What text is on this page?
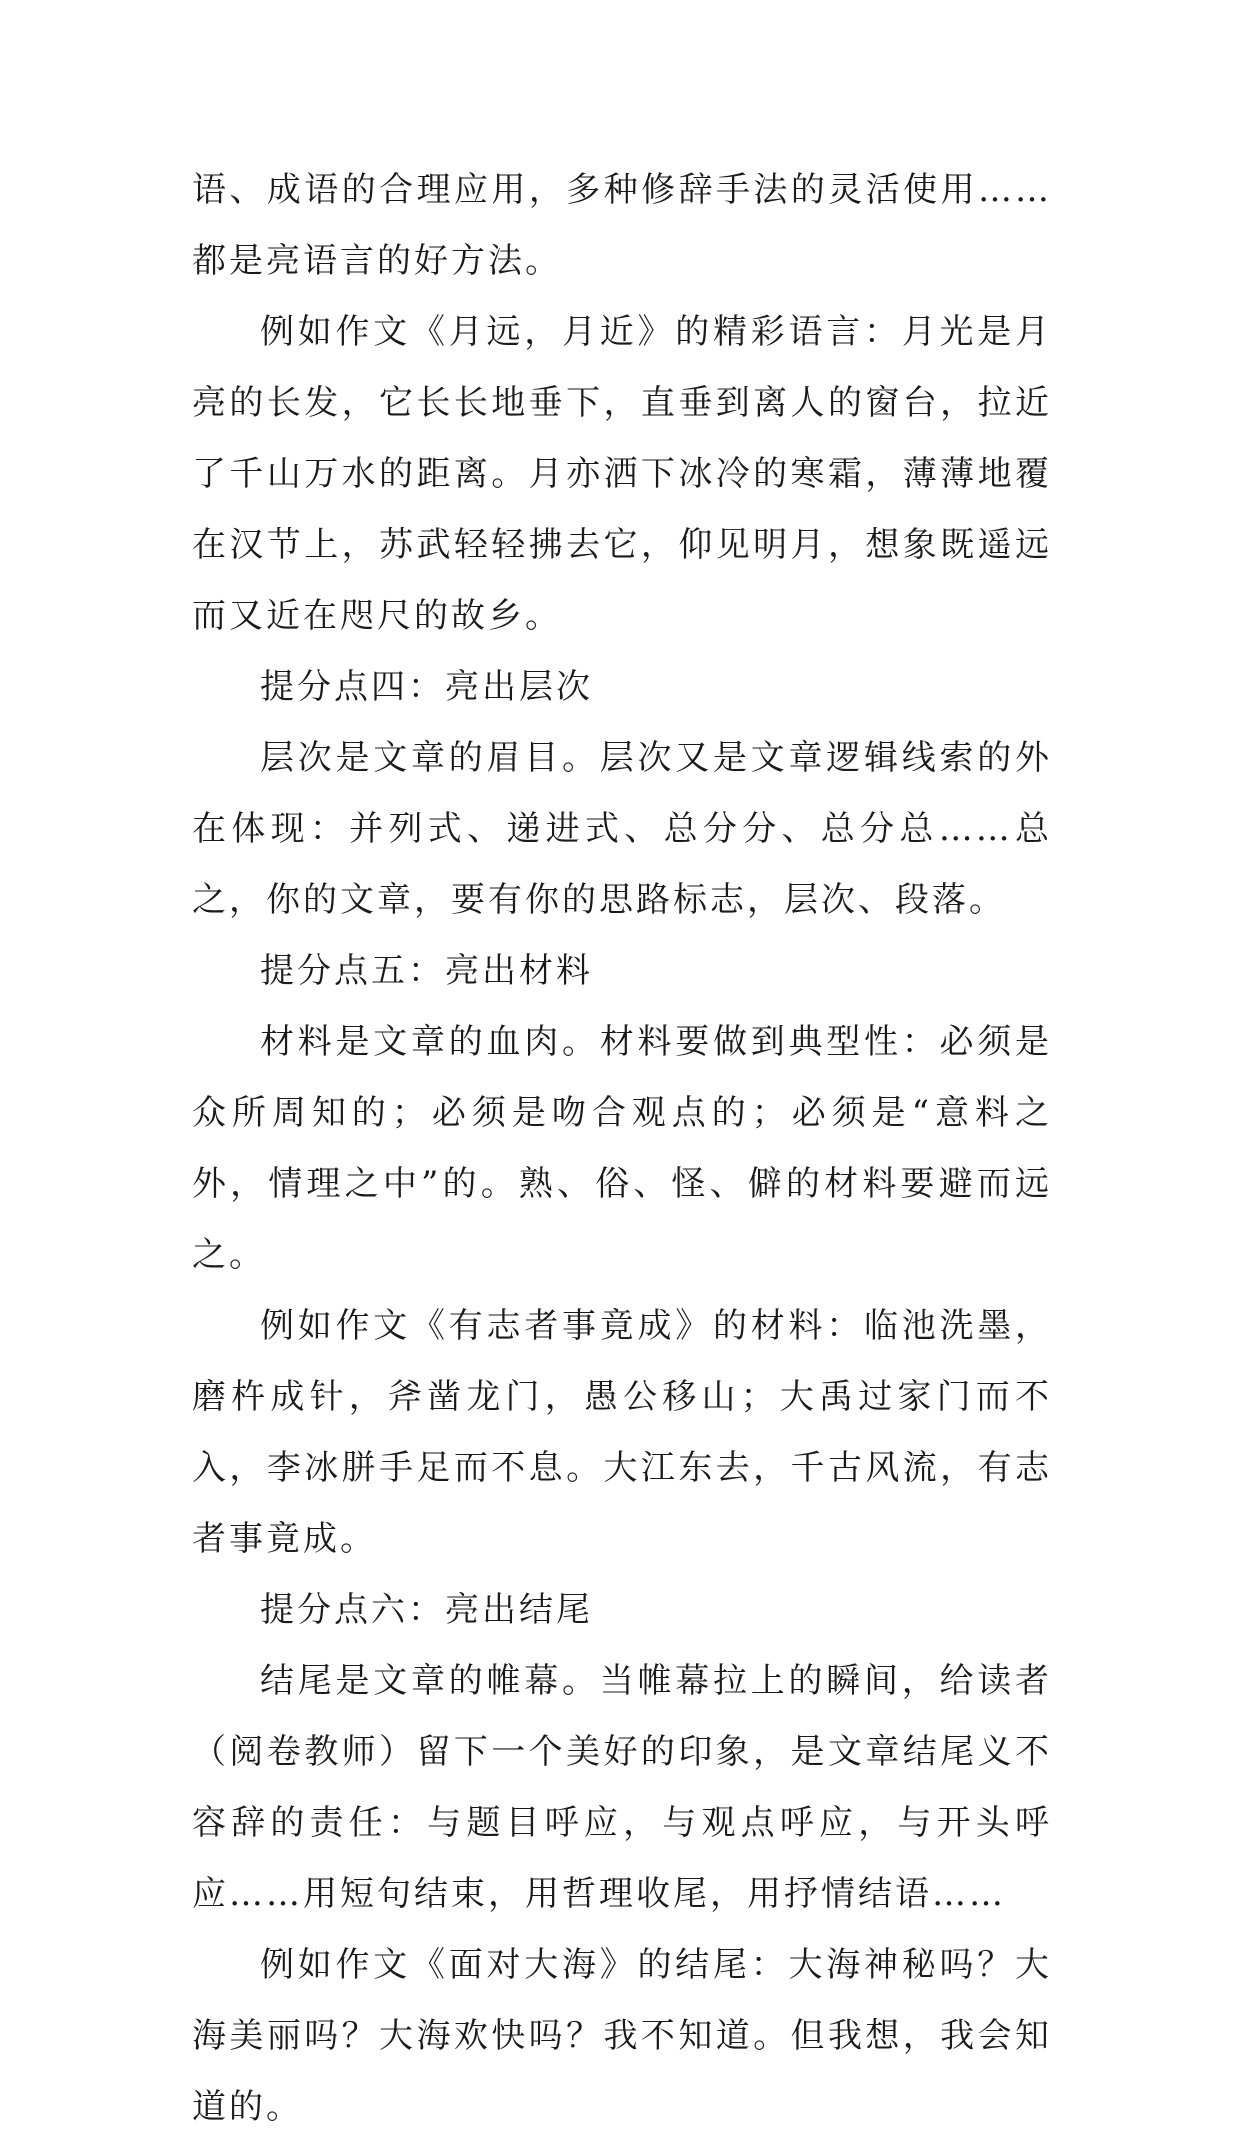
语、成语的合理应用，多种修辞手法的灵活使用……都是亮语言的好方法。

例如作文《月远，月近》的精彩语言：月光是月亮的长发，它长长地垂下，直垂到离人的窗台，拉近了千山万水的距离。月亦洒下冰冷的寒霜，薄薄地覆在汉节上，苏武轻轻拂去它，仰见明月，想象既遥远而又近在咫尺的故乡。

提分点四：亮出层次

层次是文章的眉目。层次又是文章逻辑线索的外在体现：并列式、递进式、总分分、总分总……总之，你的文章，要有你的思路标志，层次、段落。

提分点五：亮出材料

材料是文章的血肉。材料要做到典型性：必须是众所周知的；必须是吻合观点的；必须是“意料之外，情理之中”的。熟、俗、怪、僻的材料要避而远之。

例如作文《有志者事竟成》的材料：临池洗墨，磨杵成针，斧凿龙门，愚公移山；大禹过家门而不入，李冰胼手足而不息。大江东去，千古风流，有志者事竟成。

提分点六：亮出结尾

结尾是文章的帷幕。当帷幕拉上的瞬间，给读者（阅卷教师）留下一个美好的印象，是文章结尾义不容辞的责任：与题目呼应，与观点呼应，与开头呼应……用短句结束，用哲理收尾，用抒情结语……

例如作文《面对大海》的结尾：大海神秘吗？大海美丽吗？大海欢快吗？我不知道。但我想，我会知道的。
